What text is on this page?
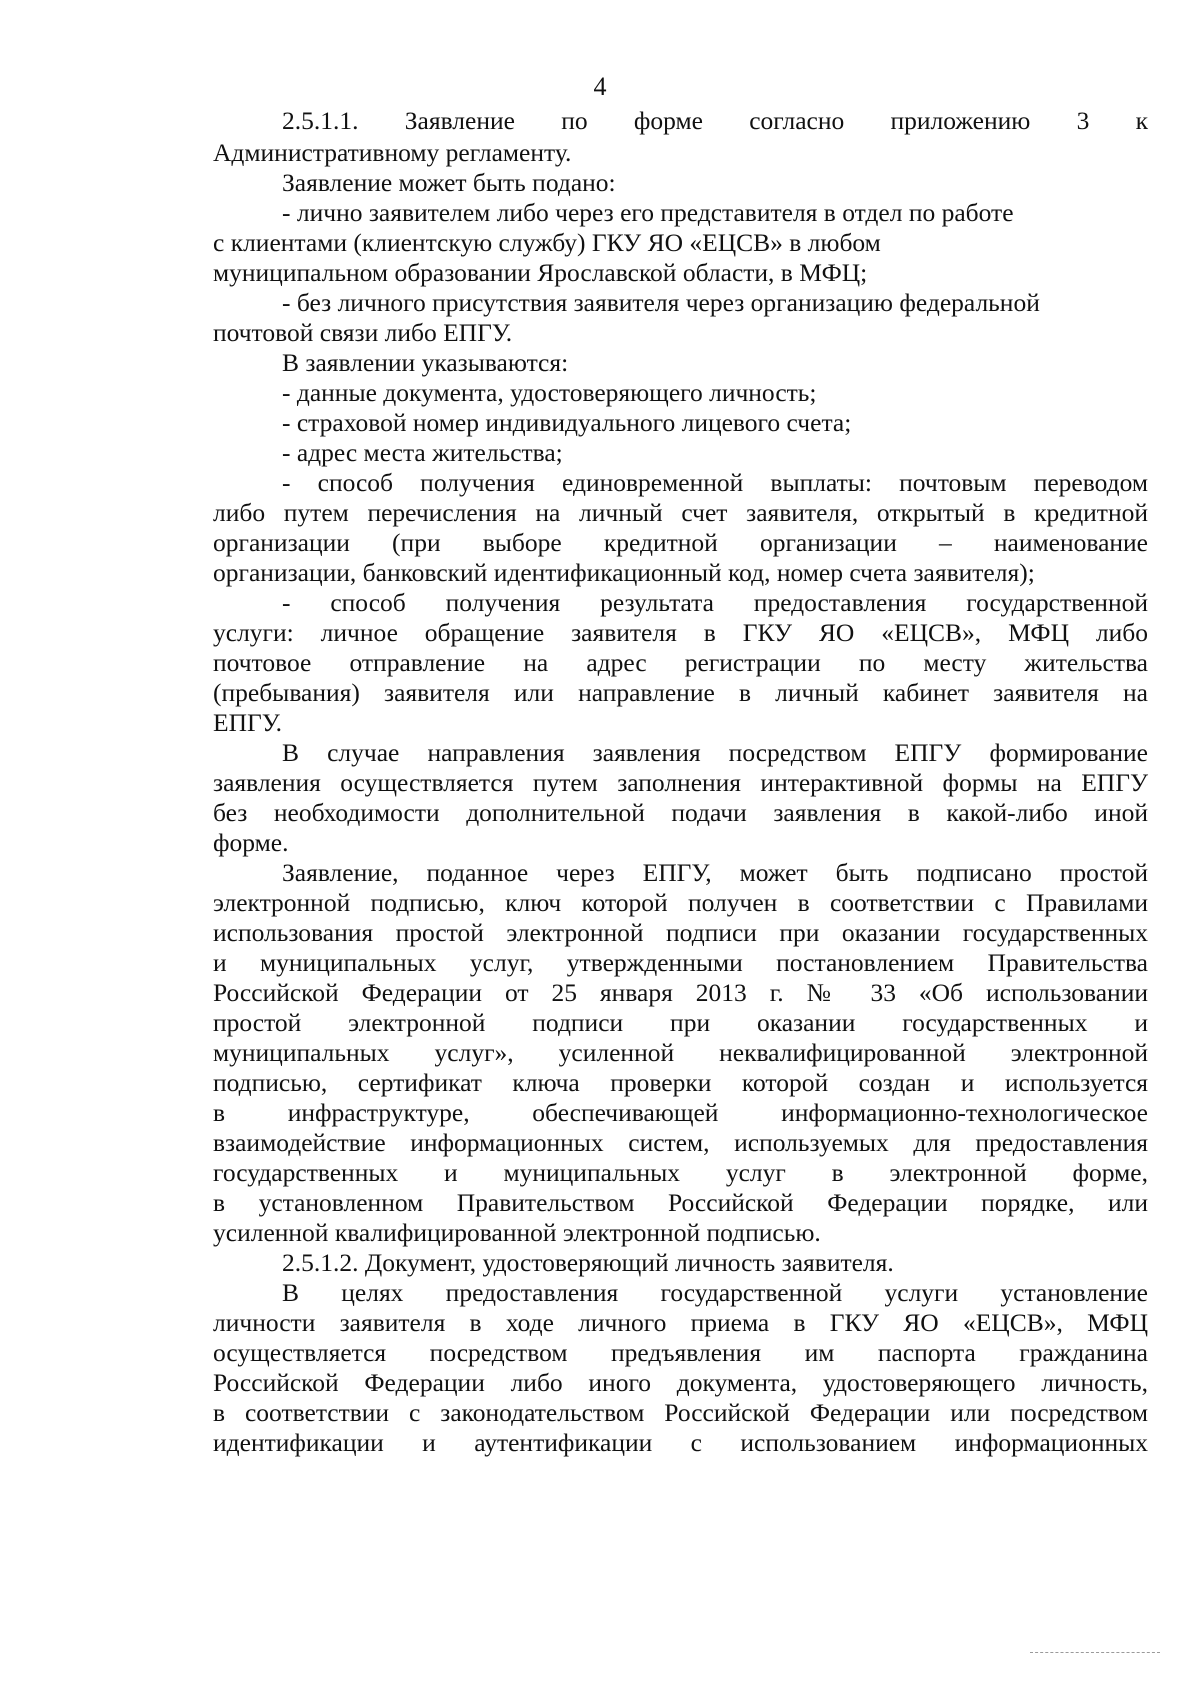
4
2.5.1.1. Заявление по форме согласно приложению 3 к
Административному регламенту.
Заявление может быть подано:
- лично заявителем либо через его представителя в отдел по работе
с клиентами (клиентскую службу) ГКУ ЯО «ЕЦСВ» в любом
муниципальном образовании Ярославской области, в МФЦ;
- без личного присутствия заявителя через организацию федеральной
почтовой связи либо ЕПГУ.
В заявлении указываются:
- данные документа, удостоверяющего личность;
- страховой номер индивидуального лицевого счета;
- адрес места жительства;
- способ получения единовременной выплаты: почтовым переводом
либо путем перечисления на личный счет заявителя, открытый в кредитной
организации (при выборе кредитной организации – наименование
организации, банковский идентификационный код, номер счета заявителя);
- способ получения результата предоставления государственной
услуги: личное обращение заявителя в ГКУ ЯО «ЕЦСВ», МФЦ либо
почтовое отправление на адрес регистрации по месту жительства
(пребывания) заявителя или направление в личный кабинет заявителя на
ЕПГУ.
В случае направления заявления посредством ЕПГУ формирование
заявления осуществляется путем заполнения интерактивной формы на ЕПГУ
без необходимости дополнительной подачи заявления в какой-либо иной
форме.
Заявление, поданное через ЕПГУ, может быть подписано простой
электронной подписью, ключ которой получен в соответствии с Правилами
использования простой электронной подписи при оказании государственных
и муниципальных услуг, утвержденными постановлением Правительства
Российской Федерации от 25 января 2013 г. № 33 «Об использовании
простой электронной подписи при оказании государственных и
муниципальных услуг», усиленной неквалифицированной электронной
подписью, сертификат ключа проверки которой создан и используется
в инфраструктуре, обеспечивающей информационно-технологическое
взаимодействие информационных систем, используемых для предоставления
государственных и муниципальных услуг в электронной форме,
в установленном Правительством Российской Федерации порядке, или
усиленной квалифицированной электронной подписью.
2.5.1.2. Документ, удостоверяющий личность заявителя.
В целях предоставления государственной услуги установление
личности заявителя в ходе личного приема в ГКУ ЯО «ЕЦСВ», МФЦ
осуществляется посредством предъявления им паспорта гражданина
Российской Федерации либо иного документа, удостоверяющего личность,
в соответствии с законодательством Российской Федерации или посредством
идентификации и аутентификации с использованием информационных
